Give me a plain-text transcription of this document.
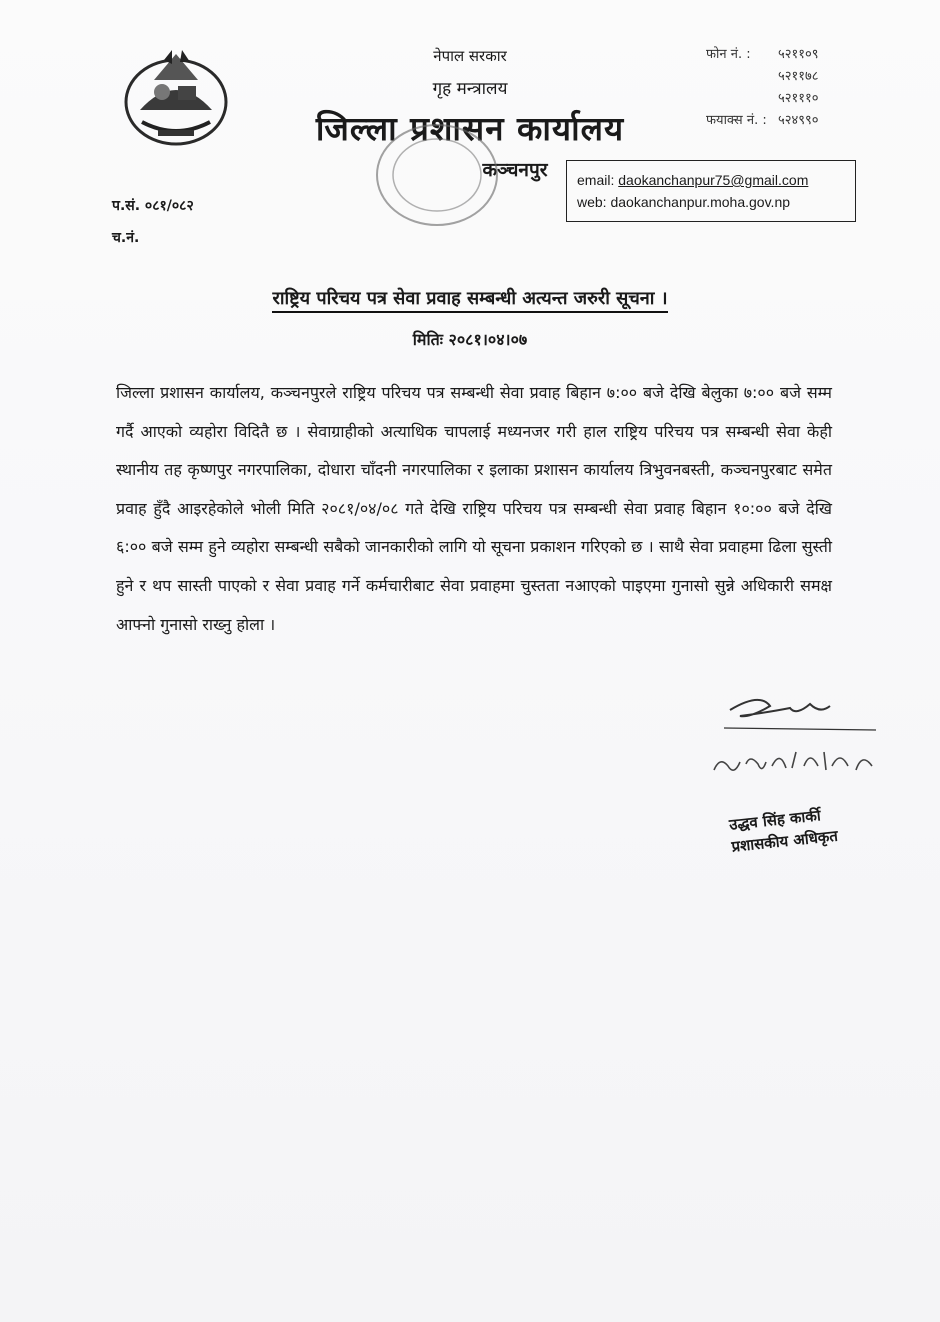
नेपाल सरकार
गृह मन्त्रालय
जिल्ला प्रशासन कार्यालय
कञ्चनपुर
फोन नं. :	५२११०९
५२११७८
५२१११०
फयाक्स नं. : ५२४९९०
email: daokanchanpur75@gmail.com
web: daokanchanpur.moha.gov.np
प.सं. ०८१/०८२
च.नं.
राष्ट्रिय परिचय पत्र सेवा प्रवाह सम्बन्धी अत्यन्त जरुरी सूचना ।
मितिः २०८१।०४।०७
जिल्ला प्रशासन कार्यालय, कञ्चनपुरले राष्ट्रिय परिचय पत्र सम्बन्धी सेवा प्रवाह बिहान ७:०० बजे देखि बेलुका ७:०० बजे सम्म गर्दै आएको व्यहोरा विदितै छ । सेवाग्राहीको अत्याधिक चापलाई मध्यनजर गरी हाल राष्ट्रिय परिचय पत्र सम्बन्धी सेवा केही स्थानीय तह कृष्णपुर नगरपालिका, दोधारा चाँदनी नगरपालिका र इलाका प्रशासन कार्यालय त्रिभुवनबस्ती, कञ्चनपुरबाट समेत प्रवाह हुँदै आइरहेकोले भोली मिति २०८१/०४/०८ गते देखि राष्ट्रिय परिचय पत्र सम्बन्धी सेवा प्रवाह बिहान १०:०० बजे देखि ६:०० बजे सम्म हुने व्यहोरा सम्बन्धी सबैको जानकारीको लागि यो सूचना प्रकाशन गरिएको छ । साथै सेवा प्रवाहमा ढिला सुस्ती हुने र थप सास्ती पाएको र सेवा प्रवाह गर्ने कर्मचारीबाट सेवा प्रवाहमा चुस्तता नआएको पाइएमा गुनासो सुन्ने अधिकारी समक्ष आफ्नो गुनासो राख्नु होला ।
उद्धव सिंह कार्की
प्रशासकीय अधिकृत
